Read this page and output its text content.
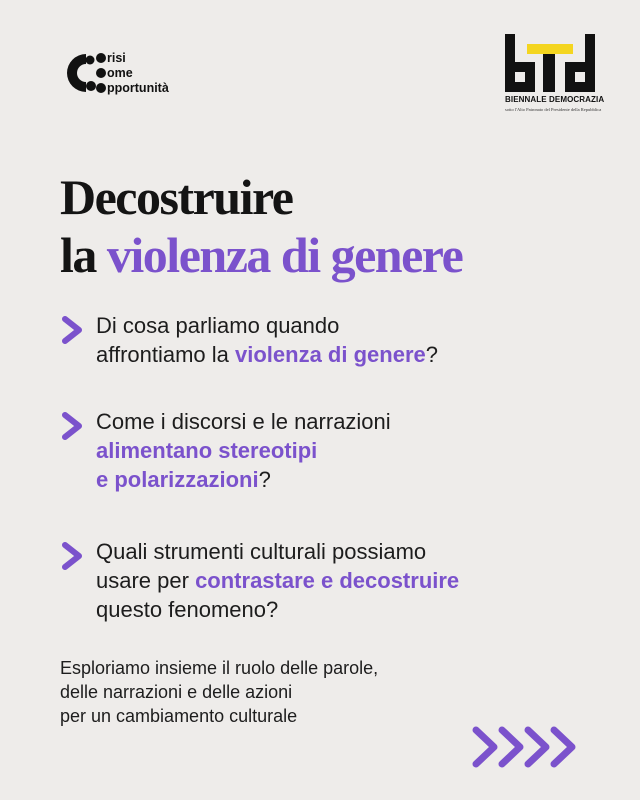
risi
ome
pportunità
BIENNALE DEMOCRAZIA
sotto l'Alto Patronato del Presidente della Repubblica
Decostruire
la violenza di genere
Di cosa parliamo quando
affrontiamo la violenza di genere?
Come i discorsi e le narrazioni
alimentano stereotipi
e polarizzazioni?
Quali strumenti culturali possiamo
usare per contrastare e decostruire
questo fenomeno?
Esploriamo insieme il ruolo delle parole,
delle narrazioni e delle azioni
per un cambiamento culturale
